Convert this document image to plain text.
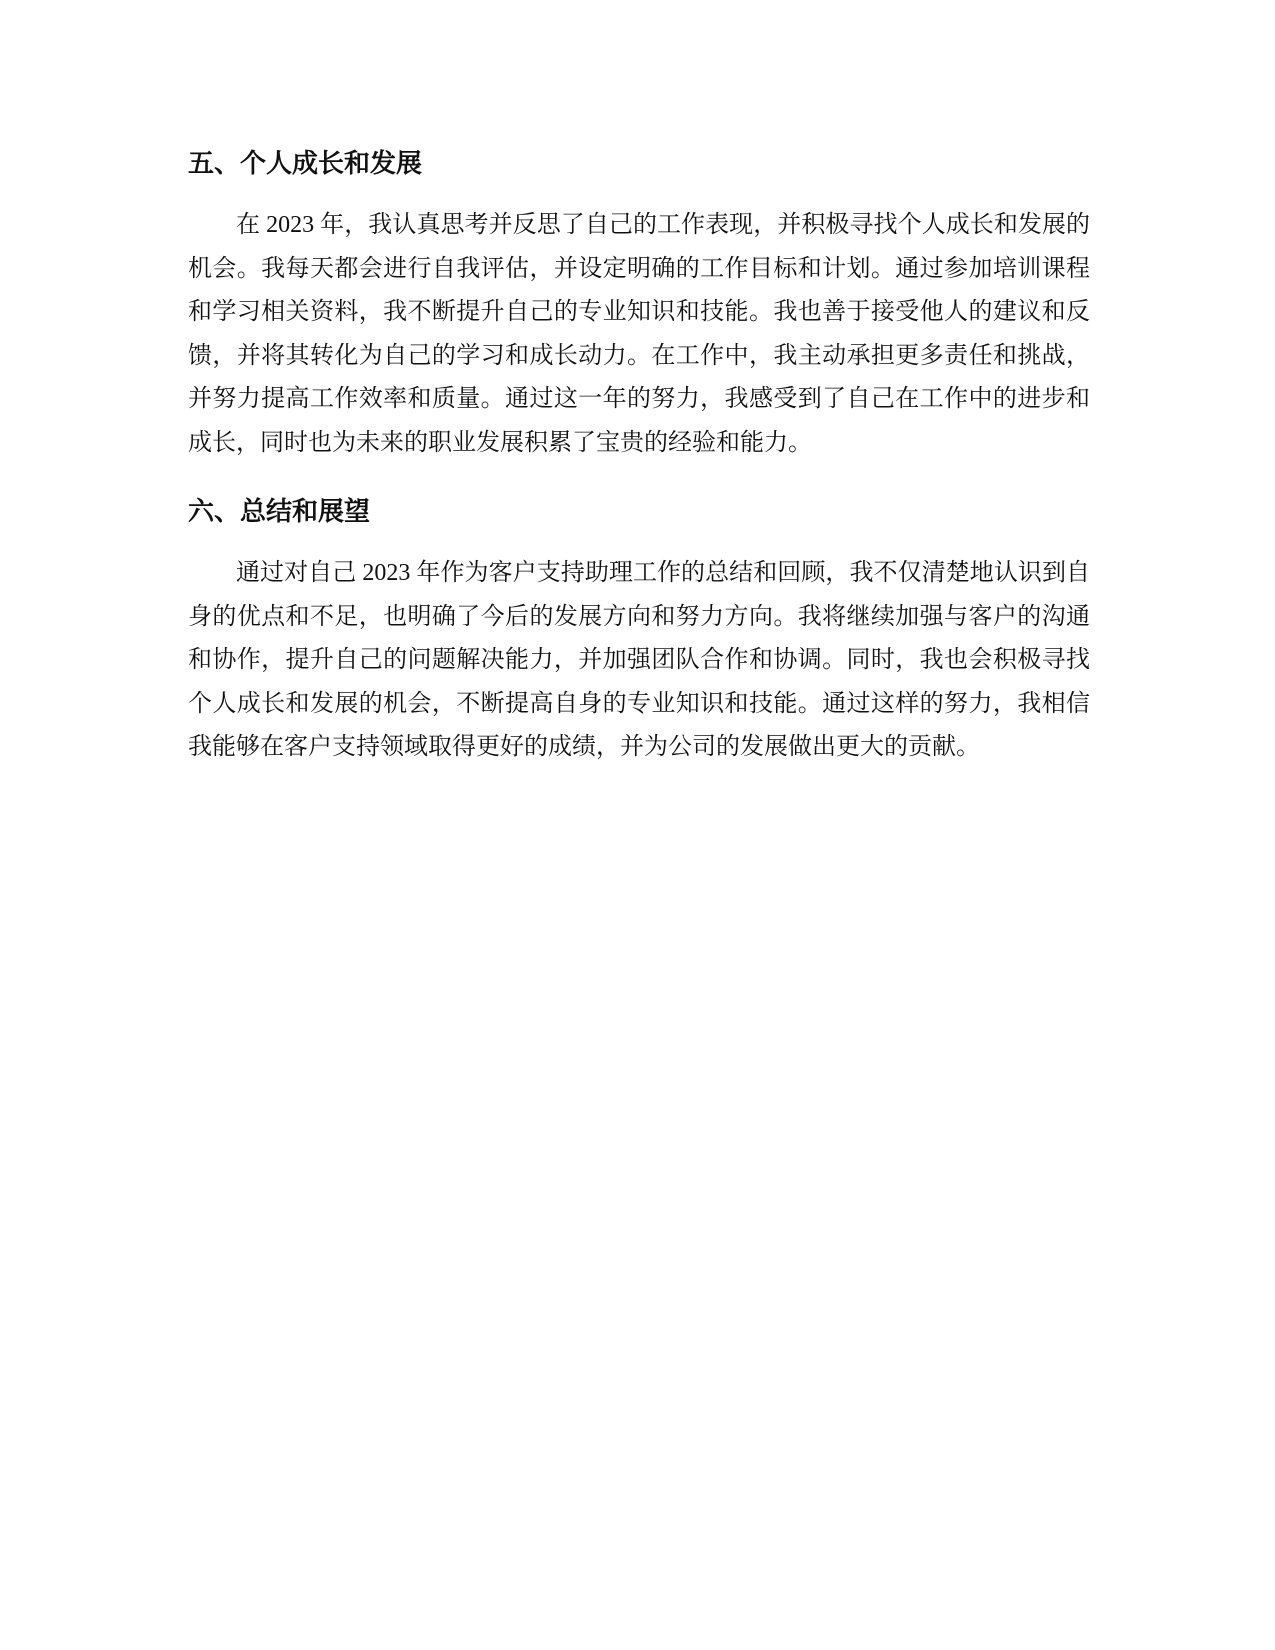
五、个人成长和发展

在 2023 年，我认真思考并反思了自己的工作表现，并积极寻找个人成长和发展的机会。我每天都会进行自我评估，并设定明确的工作目标和计划。通过参加培训课程和学习相关资料，我不断提升自己的专业知识和技能。我也善于接受他人的建议和反馈，并将其转化为自己的学习和成长动力。在工作中，我主动承担更多责任和挑战，并努力提高工作效率和质量。通过这一年的努力，我感受到了自己在工作中的进步和成长，同时也为未来的职业发展积累了宝贵的经验和能力。

六、总结和展望

通过对自己 2023 年作为客户支持助理工作的总结和回顾，我不仅清楚地认识到自身的优点和不足，也明确了今后的发展方向和努力方向。我将继续加强与客户的沟通和协作，提升自己的问题解决能力，并加强团队合作和协调。同时，我也会积极寻找个人成长和发展的机会，不断提高自身的专业知识和技能。通过这样的努力，我相信我能够在客户支持领域取得更好的成绩，并为公司的发展做出更大的贡献。
